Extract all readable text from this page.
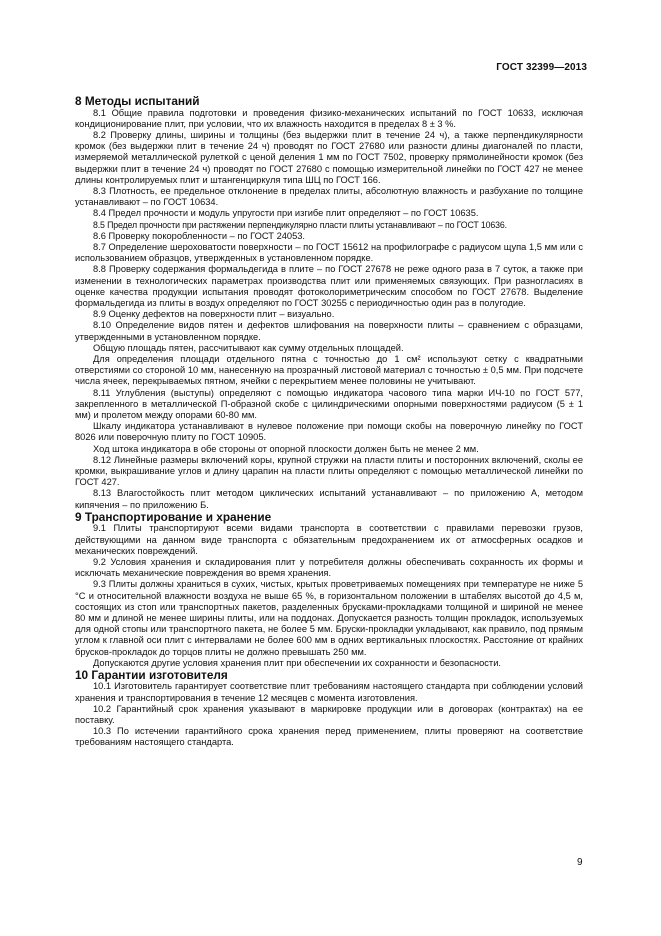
ГОСТ 32399—2013
8 Методы испытаний

8.1 Общие правила подготовки и проведения физико-механических испытаний по ГОСТ 10633, исключая кондиционирование плит, при условии, что их влажность находится в пределах 8 ± 3 %.

8.2 Проверку длины, ширины и толщины (без выдержки плит в течение 24 ч), а также перпендикулярности кромок (без выдержки плит в течение 24 ч) проводят по ГОСТ 27680 или разности длины диагоналей по пласти, измеряемой металлической рулеткой с ценой деления 1 мм по ГОСТ 7502, проверку прямолинейности кромок (без выдержки плит в течение 24 ч) проводят по ГОСТ 27680 с помощью измерительной линейки по ГОСТ 427 не менее длины контролируемых плит и штангенциркуля типа ШЦ по ГОСТ 166.

8.3 Плотность, ее предельное отклонение в пределах плиты, абсолютную влажность и разбухание по толщине устанавливают – по ГОСТ 10634.

8.4 Предел прочности и модуль упругости при изгибе плит определяют – по ГОСТ 10635.

8.5 Предел прочности при растяжении перпендикулярно пласти плиты устанавливают – по ГОСТ 10636.

8.6 Проверку покоробленности – по ГОСТ 24053.

8.7 Определение шероховатости поверхности – по ГОСТ 15612 на профилографе с радиусом щупа 1,5 мм или с использованием образцов, утвержденных в установленном порядке.

8.8 Проверку содержания формальдегида в плите – по ГОСТ 27678 не реже одного раза в 7 суток, а также при изменении в технологических параметрах производства плит или применяемых связующих. При разногласиях в оценке качества продукции испытания проводят фотоколориметрическим способом по ГОСТ 27678. Выделение формальдегида из плиты в воздух определяют по ГОСТ 30255 с периодичностью один раз в полугодие.

8.9 Оценку дефектов на поверхности плит – визуально.

8.10 Определение видов пятен и дефектов шлифования на поверхности плиты – сравнением с образцами, утвержденными в установленном порядке.

Общую площадь пятен, рассчитывают как сумму отдельных площадей.

Для определения площади отдельного пятна с точностью до 1 см² используют сетку с квадратными отверстиями со стороной 10 мм, нанесенную на прозрачный листовой материал с точностью ± 0,5 мм. При подсчете числа ячеек, перекрываемых пятном, ячейки с перекрытием менее половины не учитывают.

8.11 Углубления (выступы) определяют с помощью индикатора часового типа марки ИЧ-10 по ГОСТ 577, закрепленного в металлической П-образной скобе с цилиндрическими опорными поверхностями радиусом (5 ± 1 мм) и пролетом между опорами 60-80 мм.

Шкалу индикатора устанавливают в нулевое положение при помощи скобы на поверочную линейку по ГОСТ 8026 или поверочную плиту по ГОСТ 10905.

Ход штока индикатора в обе стороны от опорной плоскости должен быть не менее 2 мм.

8.12 Линейные размеры включений коры, крупной стружки на пласти плиты и посторонних включений, сколы ее кромки, выкрашивание углов и длину царапин на пласти плиты определяют с помощью металлической линейки по ГОСТ 427.

8.13 Влагостойкость плит методом циклических испытаний устанавливают – по приложению А, методом кипячения – по приложению Б.

9 Транспортирование и хранение

9.1 Плиты транспортируют всеми видами транспорта в соответствии с правилами перевозки грузов, действующими на данном виде транспорта с обязательным предохранением их от атмосферных осадков и механических повреждений.

9.2 Условия хранения и складирования плит у потребителя должны обеспечивать сохранность их формы и исключать механические повреждения во время хранения.

9.3 Плиты должны храниться в сухих, чистых, крытых проветриваемых помещениях при температуре не ниже 5 °С и относительной влажности воздуха не выше 65 %, в горизонтальном положении в штабелях высотой до 4,5 м, состоящих из стоп или транспортных пакетов, разделенных брусками-прокладками толщиной и шириной не менее 80 мм и длиной не менее ширины плиты, или на поддонах. Допускается разность толщин прокладок, используемых для одной стопы или транспортного пакета, не более 5 мм. Бруски-прокладки укладывают, как правило, под прямым углом к главной оси плит с интервалами не более 600 мм в одних вертикальных плоскостях. Расстояние от крайних брусков-прокладок до торцов плиты не должно превышать 250 мм.

Допускаются другие условия хранения плит при обеспечении их сохранности и безопасности.

10 Гарантии изготовителя

10.1 Изготовитель гарантирует соответствие плит требованиям настоящего стандарта при соблюдении условий хранения и транспортирования в течение 12 месяцев с момента изготовления.

10.2 Гарантийный срок хранения указывают в маркировке продукции или в договорах (контрактах) на ее поставку.

10.3 По истечении гарантийного срока хранения перед применением, плиты проверяют на соответствие требованиям настоящего стандарта.

9
